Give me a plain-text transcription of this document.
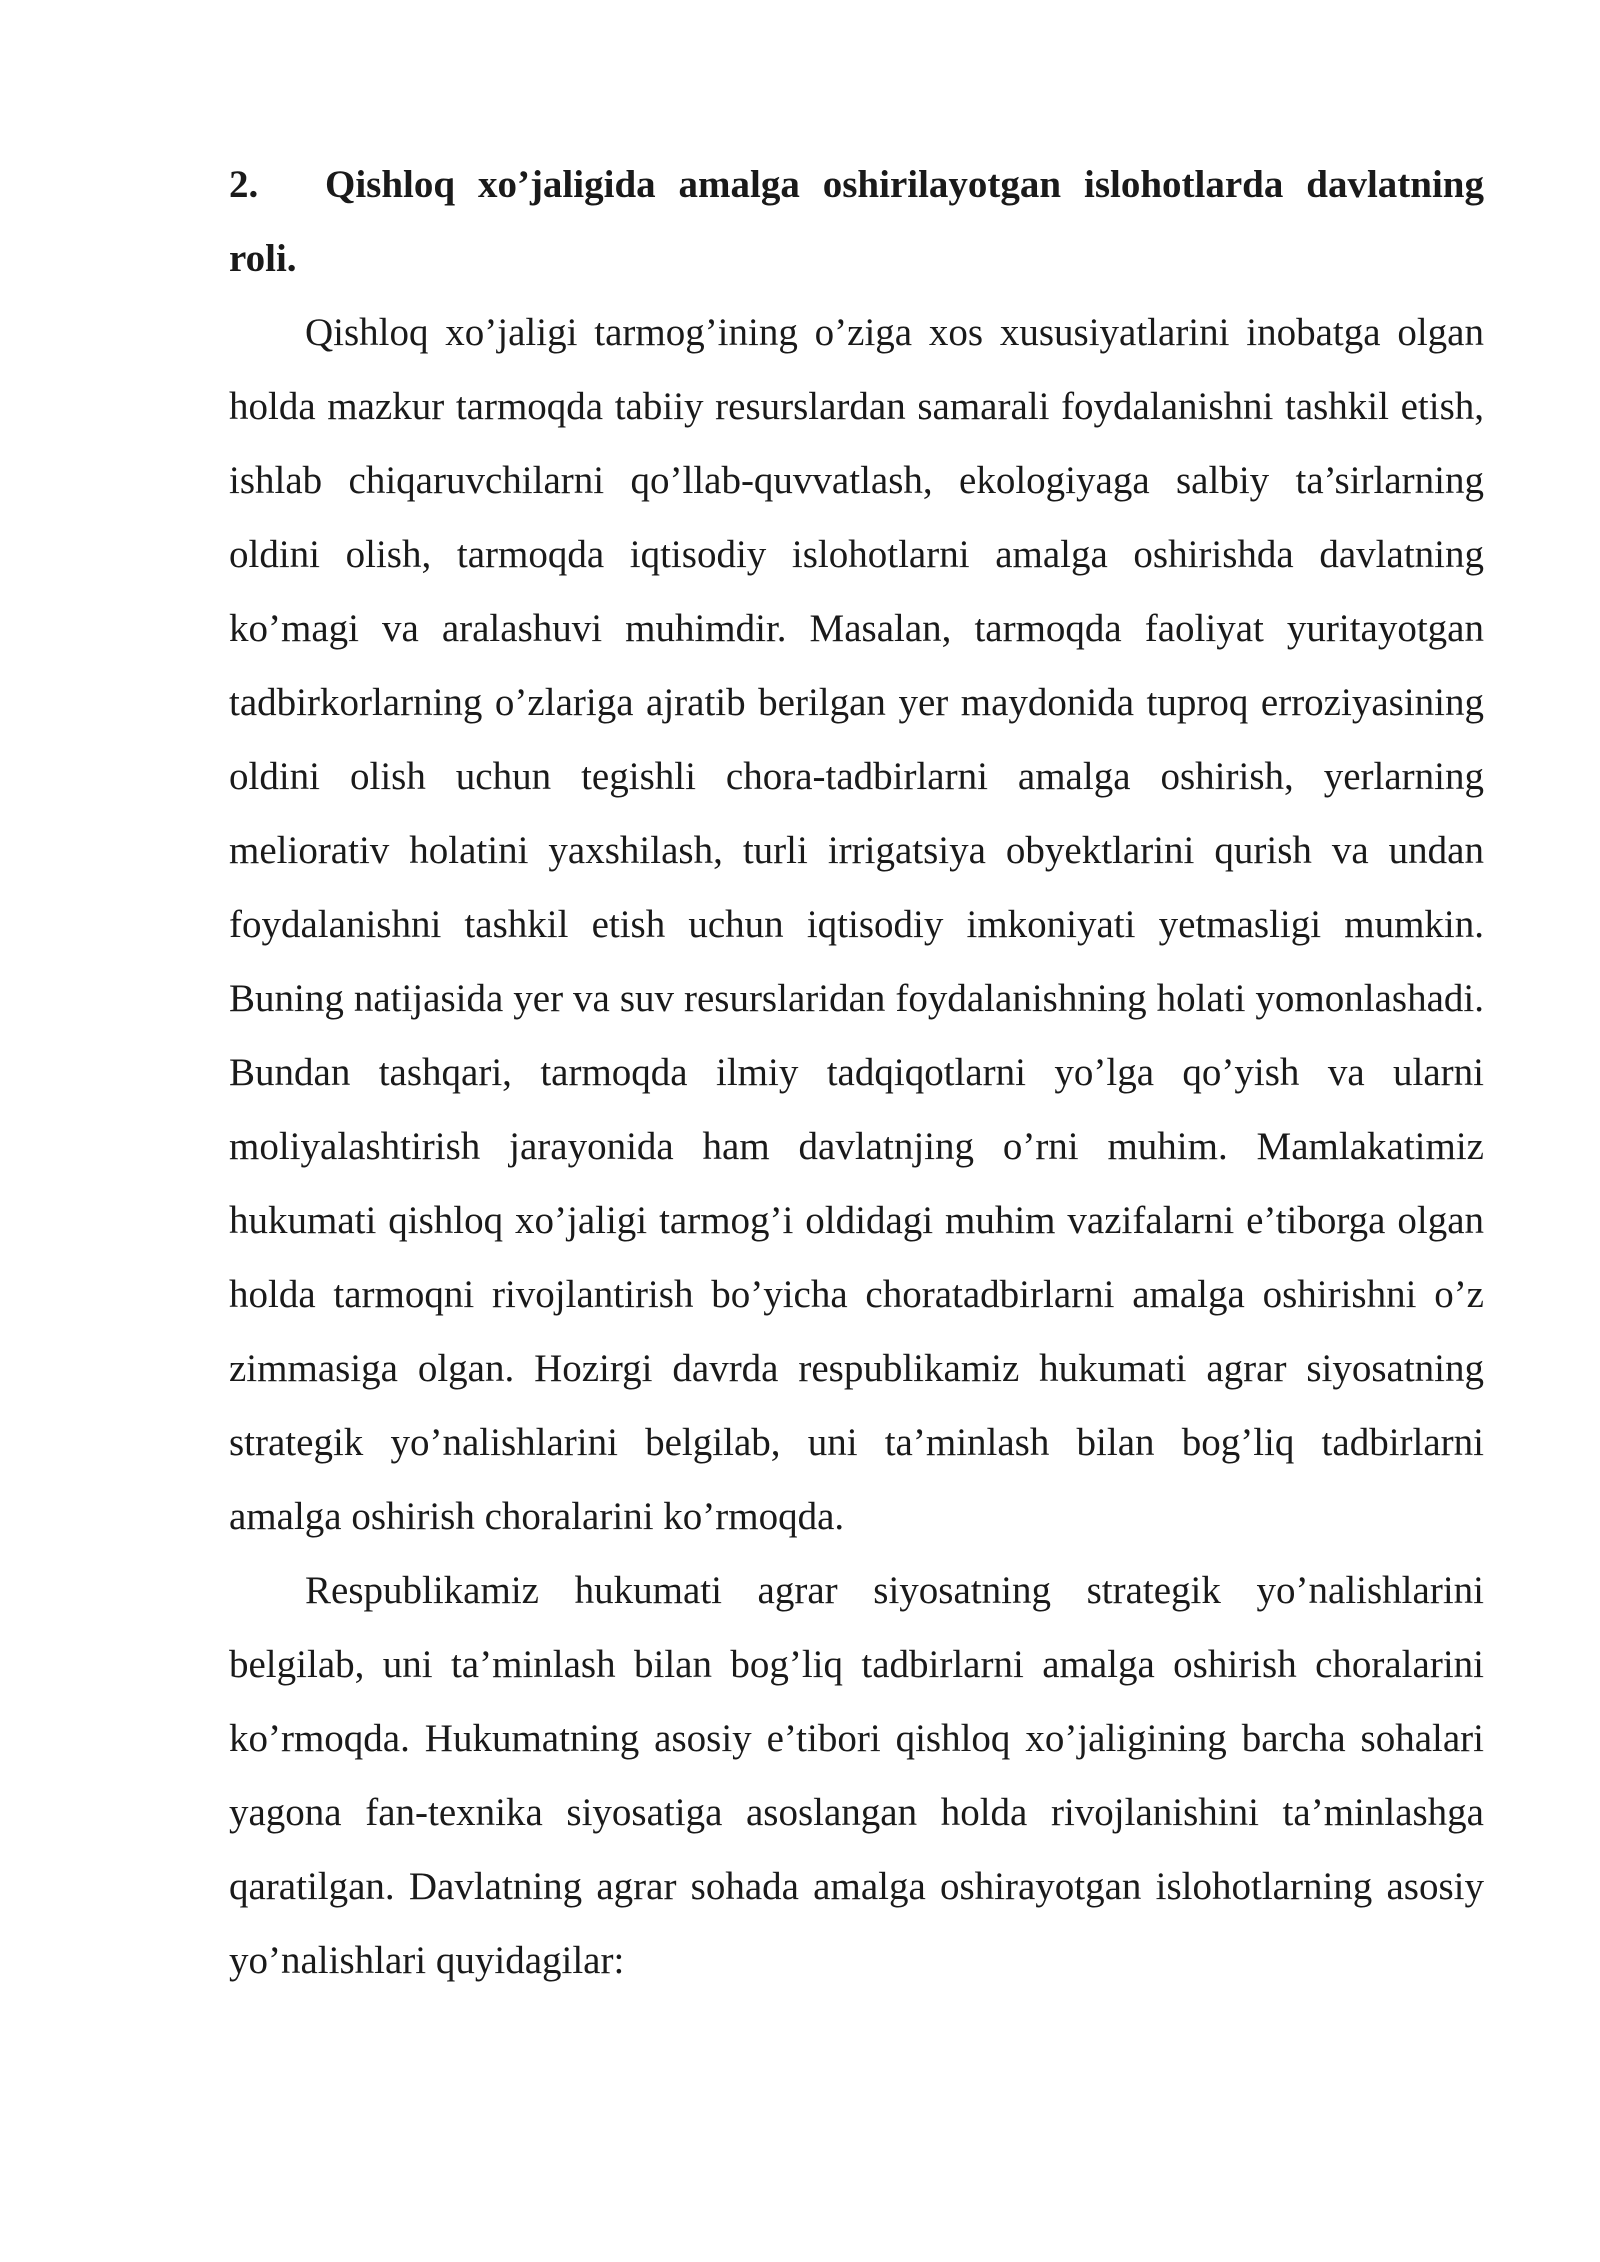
2. Qishloq xo’jaligida amalga oshirilayotgan islohotlarda davlatning roli.

Qishloq xo’jaligi tarmog’ining o’ziga xos xususiyatlarini inobatga olgan holda mazkur tarmoqda tabiiy resurslardan samarali foydalanishni tashkil etish, ishlab chiqaruvchilarni qo’llab-quvvatlash, ekologiyaga salbiy ta’sirlarning oldini olish, tarmoqda iqtisodiy islohotlarni amalga oshirishda davlatning ko’magi va aralashuvi muhimdir. Masalan, tarmoqda faoliyat yuritayotgan tadbirkorlarning o’zlariga ajratib berilgan yer maydonida tuproq erroziyasining oldini olish uchun tegishli chora-tadbirlarni amalga oshirish, yerlarning meliorativ holatini yaxshilash, turli irrigatsiya obyektlarini qurish va undan foydalanishni tashkil etish uchun iqtisodiy imkoniyati yetmasligi mumkin. Buning natijasida yer va suv resurslaridan foydalanishning holati yomonlashadi. Bundan tashqari, tarmoqda ilmiy tadqiqotlarni yo’lga qo’yish va ularni moliyalashtirish jarayonida ham davlatnjing o’rni muhim. Mamlakatimiz hukumati qishloq xo’jaligi tarmog’i oldidagi muhim vazifalarni e’tiborga olgan holda tarmoqni rivojlantirish bo’yicha choratadbirlarni amalga oshirishni o’z zimmasiga olgan. Hozirgi davrda respublikamiz hukumati agrar siyosatning strategik yo’nalishlarini belgilab, uni ta’minlash bilan bog’liq tadbirlarni amalga oshirish choralarini ko’rmoqda.

Respublikamiz hukumati agrar siyosatning strategik yo’nalishlarini belgilab, uni ta’minlash bilan bog’liq tadbirlarni amalga oshirish choralarini ko’rmoqda. Hukumatning asosiy e’tibori qishloq xo’jaligining barcha sohalari yagona fan-texnika siyosatiga asoslangan holda rivojlanishini ta’minlashga qaratilgan. Davlatning agrar sohada amalga oshirayotgan islohotlarning asosiy yo’nalishlari quyidagilar:
